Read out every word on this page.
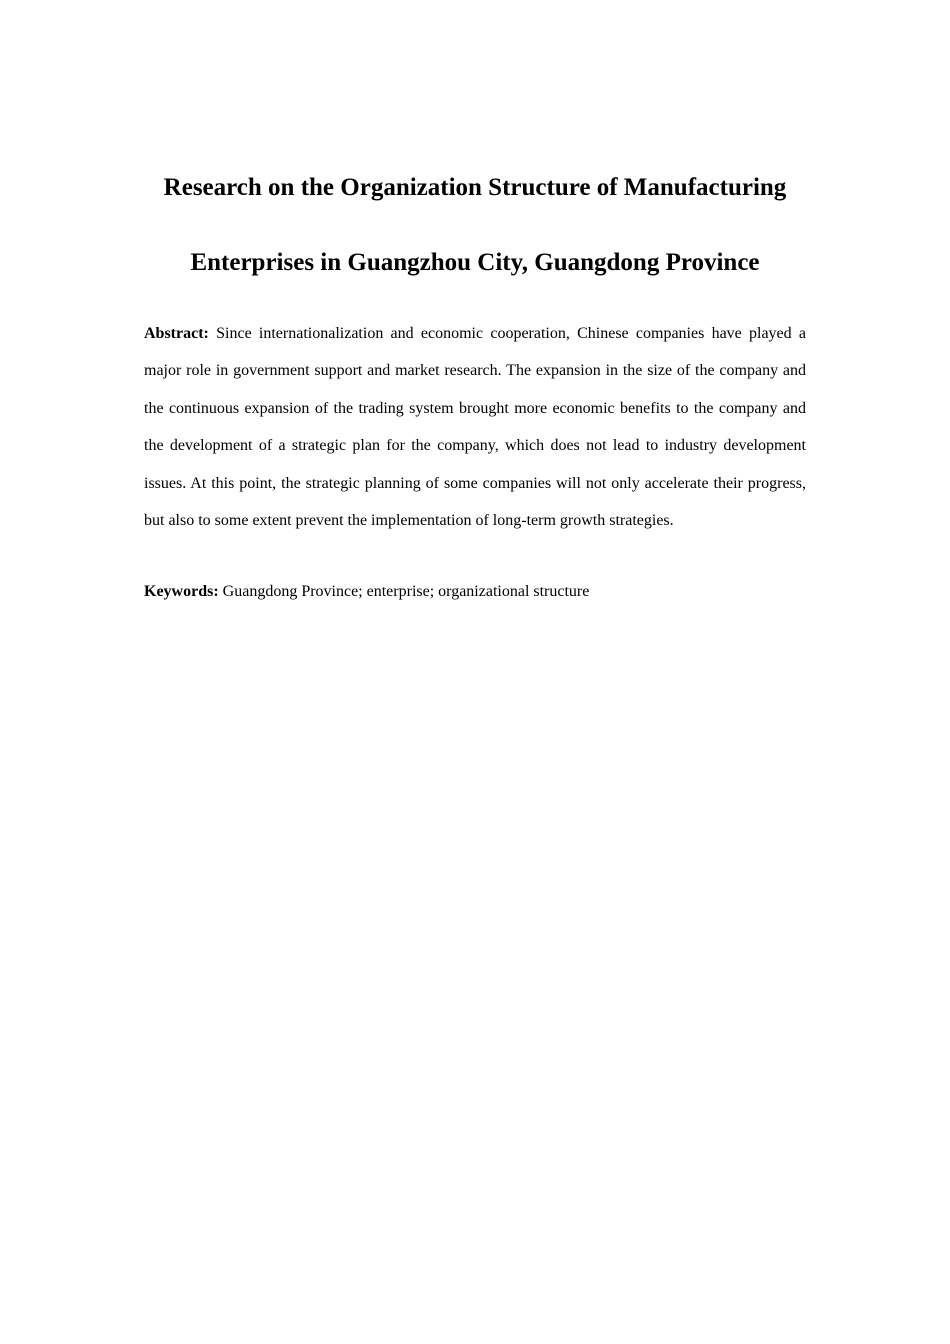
Research on the Organization Structure of Manufacturing
Enterprises in Guangzhou City, Guangdong Province

Abstract: Since internationalization and economic cooperation, Chinese companies have played a major role in government support and market research. The expansion in the size of the company and the continuous expansion of the trading system brought more economic benefits to the company and the development of a strategic plan for the company, which does not lead to industry development issues. At this point, the strategic planning of some companies will not only accelerate their progress, but also to some extent prevent the implementation of long-term growth strategies.

Keywords: Guangdong Province; enterprise; organizational structure
